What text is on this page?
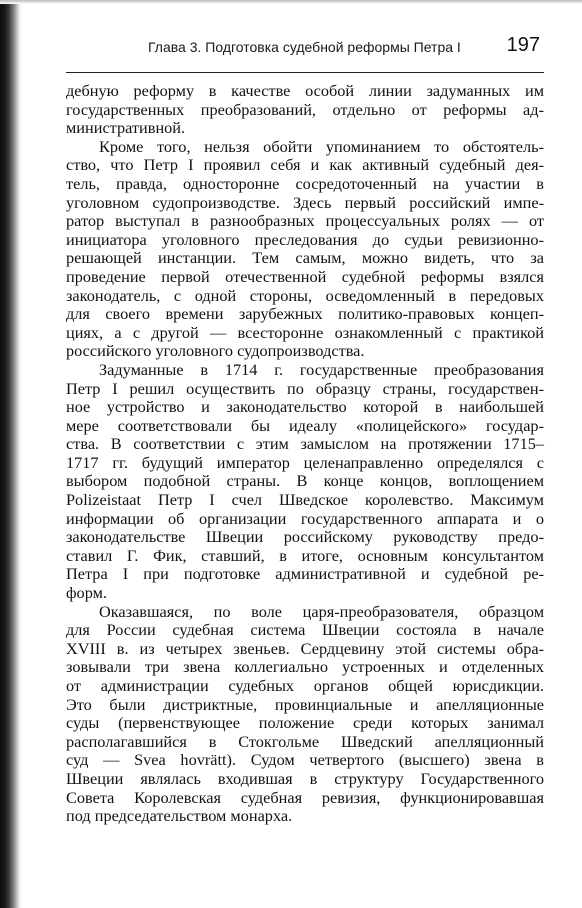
Глава 3. Подготовка судебной реформы Петра I 197
дебную реформу в качестве особой линии задуманных им
государственных преобразований, отдельно от реформы ад-
министративной.
Кроме того, нельзя обойти упоминанием то обстоятель-
ство, что Петр I проявил себя и как активный судебный дея-
тель, правда, односторонне сосредоточенный на участии в
уголовном судопроизводстве. Здесь первый российский импе-
ратор выступал в разнообразных процессуальных ролях — от
инициатора уголовного преследования до судьи ревизионно-
решающей инстанции. Тем самым, можно видеть, что за
проведение первой отечественной судебной реформы взялся
законодатель, с одной стороны, осведомленный в передовых
для своего времени зарубежных политико-правовых концеп-
циях, а с другой — всесторонне ознакомленный с практикой
российского уголовного судопроизводства.
Задуманные в 1714 г. государственные преобразования
Петр I решил осуществить по образцу страны, государствен-
ное устройство и законодательство которой в наибольшей
мере соответствовали бы идеалу «полицейского» государ-
ства. В соответствии с этим замыслом на протяжении 1715–
1717 гг. будущий император целенаправленно определялся с
выбором подобной страны. В конце концов, воплощением
Polizeistaat Петр I счел Шведское королевство. Максимум
информации об организации государственного аппарата и о
законодательстве Швеции российскому руководству предо-
ставил Г. Фик, ставший, в итоге, основным консультантом
Петра I при подготовке административной и судебной ре-
форм.
Оказавшаяся, по воле царя-преобразователя, образцом
для России судебная система Швеции состояла в начале
XVIII в. из четырех звеньев. Сердцевину этой системы обра-
зовывали три звена коллегиально устроенных и отделенных
от администрации судебных органов общей юрисдикции.
Это были дистриктные, провинциальные и апелляционные
суды (первенствующее положение среди которых занимал
располагавшийся в Стокгольме Шведский апелляционный
суд — Svea hovrätt). Судом четвертого (высшего) звена в
Швеции являлась входившая в структуру Государственного
Совета Королевская судебная ревизия, функционировавшая
под председательством монарха.
